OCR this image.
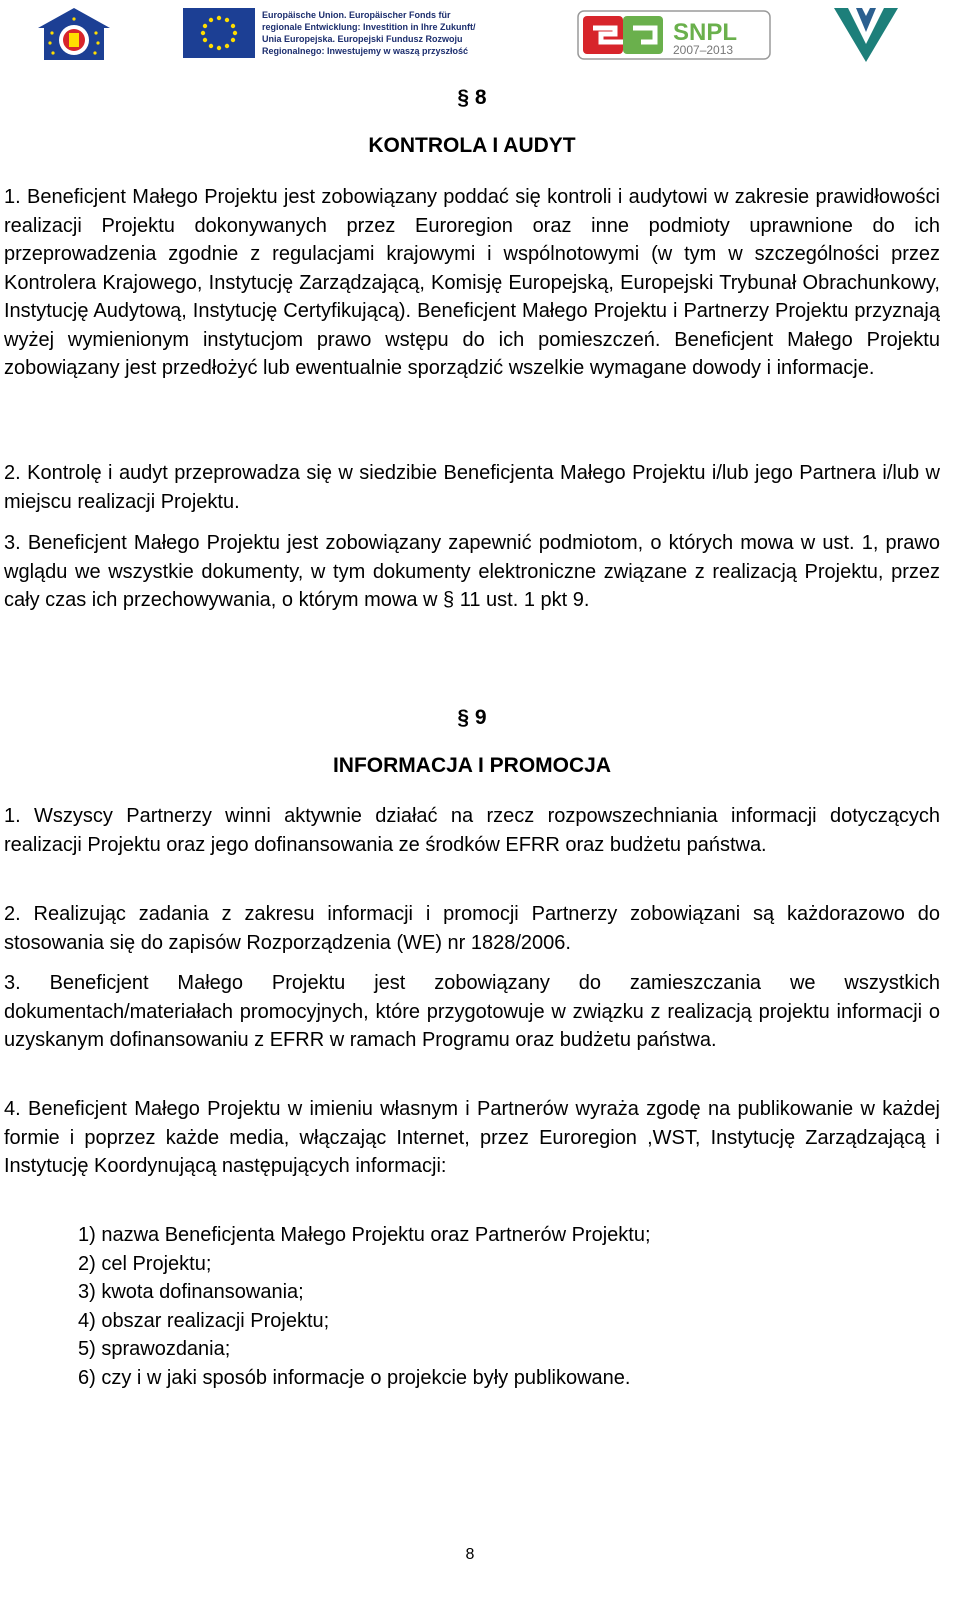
Europäische Union. Europäischer Fonds für
regionale Entwicklung: Investition in Ihre Zukunft/
Unia Europejska. Europejski Fundusz Rozwoju
Regionalnego: Inwestujemy w waszą przyszłość
SNPL
2007–2013
§ 8
KONTROLA I AUDYT

1. Beneficjent Małego Projektu jest zobowiązany poddać się kontroli i audytowi w zakresie prawidłowości realizacji Projektu dokonywanych przez Euroregion oraz inne podmioty uprawnione do ich przeprowadzenia zgodnie z regulacjami krajowymi i wspólnotowymi (w tym w szczególności przez Kontrolera Krajowego, Instytucję Zarządzającą, Komisję Europejską, Europejski Trybunał Obrachunkowy, Instytucję Audytową, Instytucję Certyfikującą). Beneficjent Małego Projektu i Partnerzy Projektu przyznają wyżej wymienionym instytucjom prawo wstępu do ich pomieszczeń. Beneficjent Małego Projektu zobowiązany jest przedłożyć lub ewentualnie sporządzić wszelkie wymagane dowody i informacje.

2. Kontrolę i audyt przeprowadza się w siedzibie Beneficjenta Małego Projektu i/lub jego Partnera i/lub w miejscu realizacji Projektu.

3. Beneficjent Małego Projektu jest zobowiązany zapewnić podmiotom, o których mowa w ust. 1, prawo wglądu we wszystkie dokumenty, w tym dokumenty elektroniczne związane z realizacją Projektu, przez cały czas ich przechowywania, o którym mowa w § 11 ust. 1 pkt 9.

§ 9
INFORMACJA I PROMOCJA

1. Wszyscy Partnerzy winni aktywnie działać na rzecz rozpowszechniania informacji dotyczących realizacji Projektu oraz jego dofinansowania ze środków EFRR oraz budżetu państwa.

2. Realizując zadania z zakresu informacji i promocji Partnerzy zobowiązani są każdorazowo do stosowania się do zapisów Rozporządzenia (WE) nr 1828/2006.

3. Beneficjent Małego Projektu jest zobowiązany do zamieszczania we wszystkich dokumentach/materiałach promocyjnych, które przygotowuje w związku z realizacją projektu informacji o uzyskanym dofinansowaniu z EFRR w ramach Programu oraz budżetu państwa.

4. Beneficjent Małego Projektu w imieniu własnym i Partnerów wyraża zgodę na publikowanie w każdej formie i poprzez każde media, włączając Internet, przez Euroregion ,WST, Instytucję Zarządzającą i Instytucję Koordynującą następujących informacji:

1) nazwa Beneficjenta Małego Projektu oraz Partnerów Projektu;
2) cel Projektu;
3) kwota dofinansowania;
4) obszar realizacji Projektu;
5) sprawozdania;
6) czy i w jaki sposób informacje o projekcie były publikowane.
8
